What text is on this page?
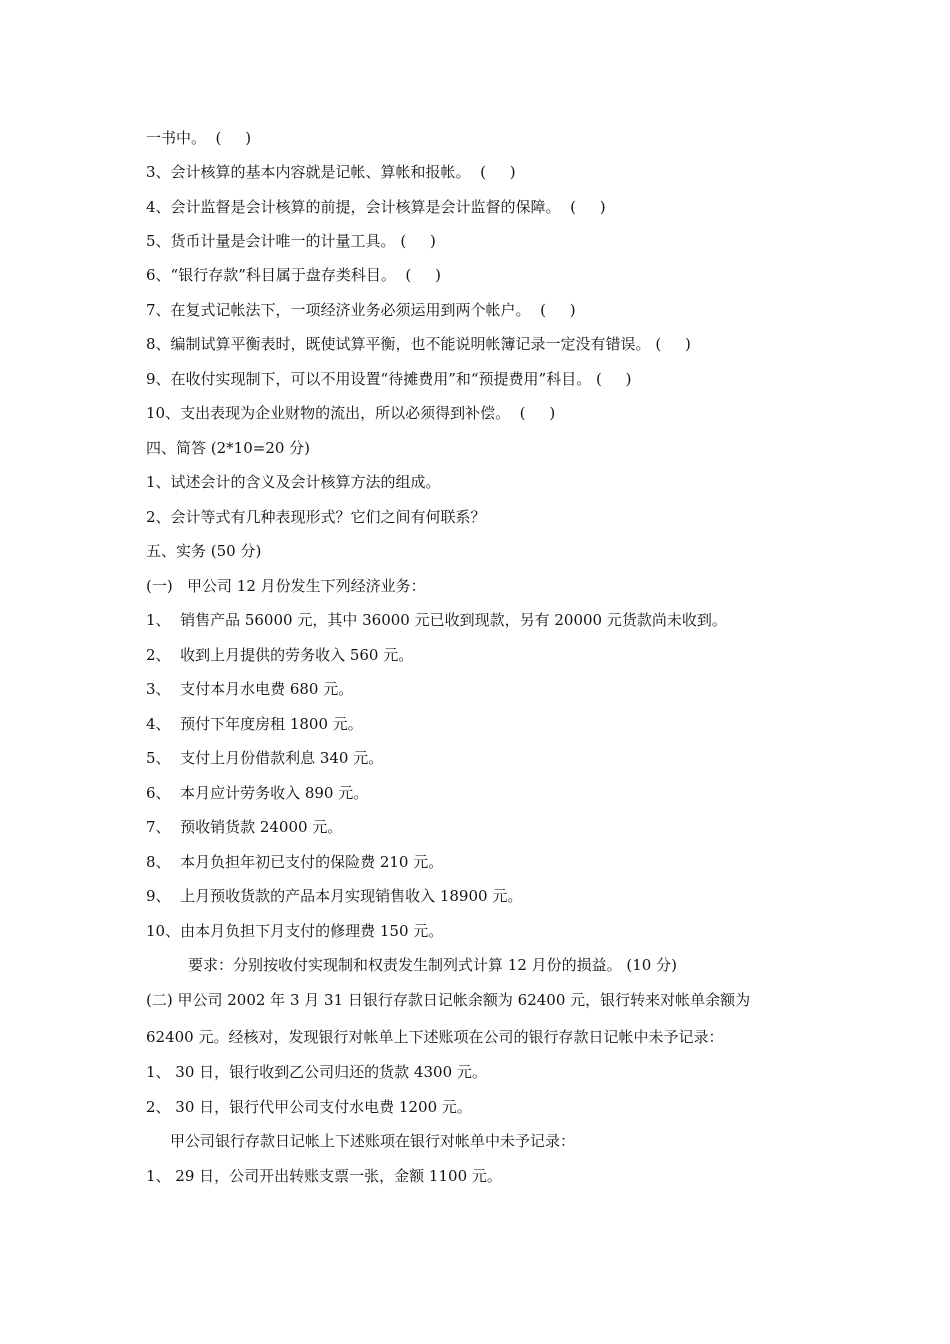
一书中。  (     )
3、会计核算的基本内容就是记帐、算帐和报帐。  (     )
4、会计监督是会计核算的前提，会计核算是会计监督的保障。  (     )
5、货币计量是会计唯一的计量工具。 (     )
6、“银行存款”科目属于盘存类科目。  (     )
7、在复式记帐法下，一项经济业务必须运用到两个帐户。  (     )
8、编制试算平衡表时，既使试算平衡，也不能说明帐簿记录一定没有错误。 (     )
9、在收付实现制下，可以不用设置“待摊费用”和“预提费用”科目。 (     )
10、支出表现为企业财物的流出，所以必须得到补偿。  (     )
四、简答 (2*10=20 分)
1、试述会计的含义及会计核算方法的组成。
2、会计等式有几种表现形式？它们之间有何联系？
五、实务 (50 分)
(一)   甲公司 12 月份发生下列经济业务：
1、  销售产品 56000 元，其中 36000 元已收到现款，另有 20000 元货款尚未收到。
2、  收到上月提供的劳务收入 560 元。
3、  支付本月水电费 680 元。
4、  预付下年度房租 1800 元。
5、  支付上月份借款利息 340 元。
6、  本月应计劳务收入 890 元。
7、  预收销货款 24000 元。
8、  本月负担年初已支付的保险费 210 元。
9、  上月预收货款的产品本月实现销售收入 18900 元。
10、由本月负担下月支付的修理费 150 元。
要求：分别按收付实现制和权责发生制列式计算 12 月份的损益。 (10 分)
(二) 甲公司 2002 年 3 月 31 日银行存款日记帐余额为 62400 元，银行转来对帐单余额为
62400 元。经核对，发现银行对帐单上下述账项在公司的银行存款日记帐中未予记录：
1、 30 日，银行收到乙公司归还的货款 4300 元。
2、 30 日，银行代甲公司支付水电费 1200 元。
甲公司银行存款日记帐上下述账项在银行对帐单中未予记录：
1、 29 日，公司开出转账支票一张，金额 1100 元。
